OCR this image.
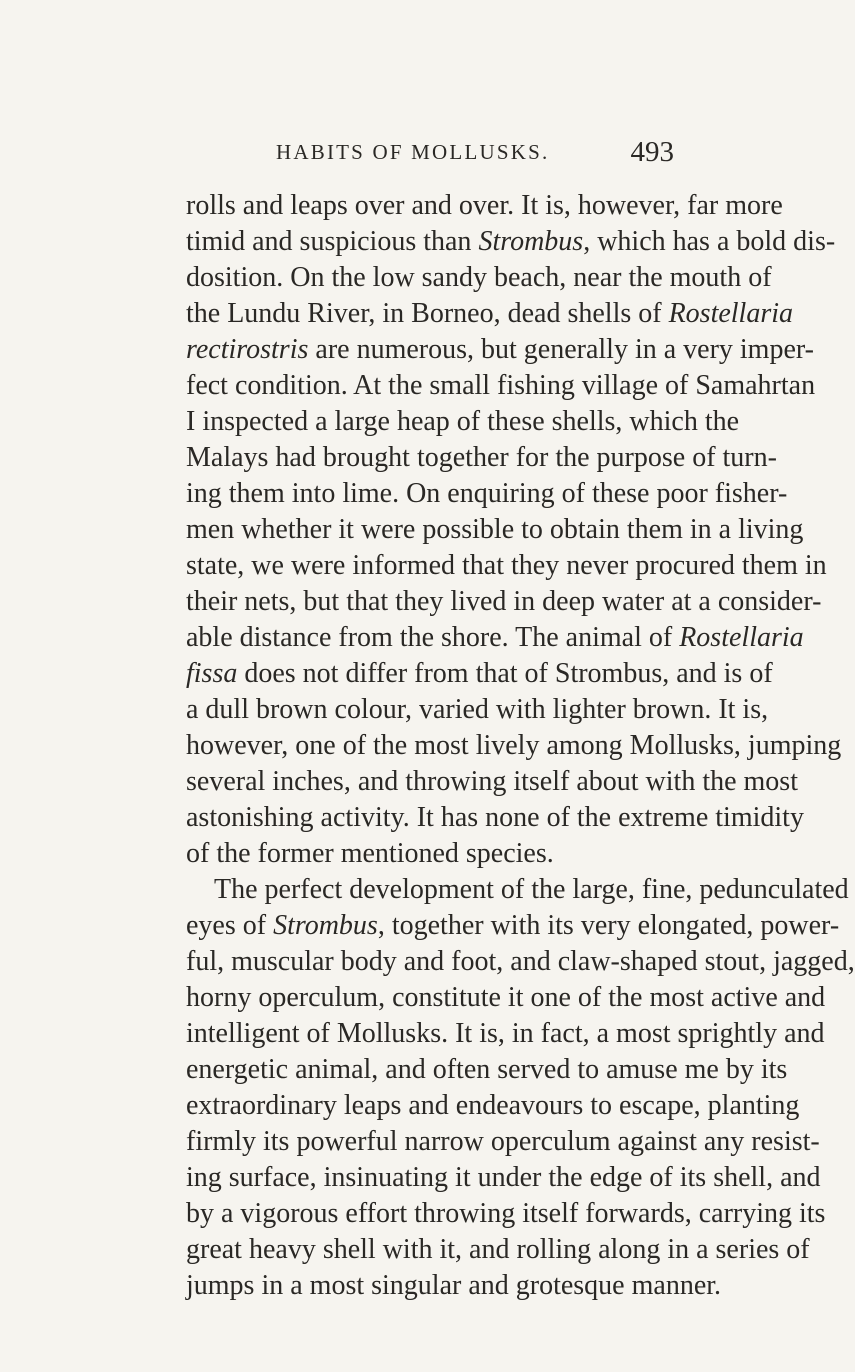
HABITS OF MOLLUSKS.	493
rolls and leaps over and over. It is, however, far more
timid and suspicious than Strombus, which has a bold dis-
dosition. On the low sandy beach, near the mouth of
the Lundu River, in Borneo, dead shells of Rostellaria
rectirostris are numerous, but generally in a very imper-
fect condition. At the small fishing village of Samahrtan
I inspected a large heap of these shells, which the
Malays had brought together for the purpose of turn-
ing them into lime. On enquiring of these poor fisher-
men whether it were possible to obtain them in a living
state, we were informed that they never procured them in
their nets, but that they lived in deep water at a consider-
able distance from the shore. The animal of Rostellaria
fissa does not differ from that of Strombus, and is of
a dull brown colour, varied with lighter brown. It is,
however, one of the most lively among Mollusks, jumping
several inches, and throwing itself about with the most
astonishing activity. It has none of the extreme timidity
of the former mentioned species.
The perfect development of the large, fine, pedunculated
eyes of Strombus, together with its very elongated, power-
ful, muscular body and foot, and claw-shaped stout, jagged,
horny operculum, constitute it one of the most active and
intelligent of Mollusks. It is, in fact, a most sprightly and
energetic animal, and often served to amuse me by its
extraordinary leaps and endeavours to escape, planting
firmly its powerful narrow operculum against any resist-
ing surface, insinuating it under the edge of its shell, and
by a vigorous effort throwing itself forwards, carrying its
great heavy shell with it, and rolling along in a series of
jumps in a most singular and grotesque manner.
